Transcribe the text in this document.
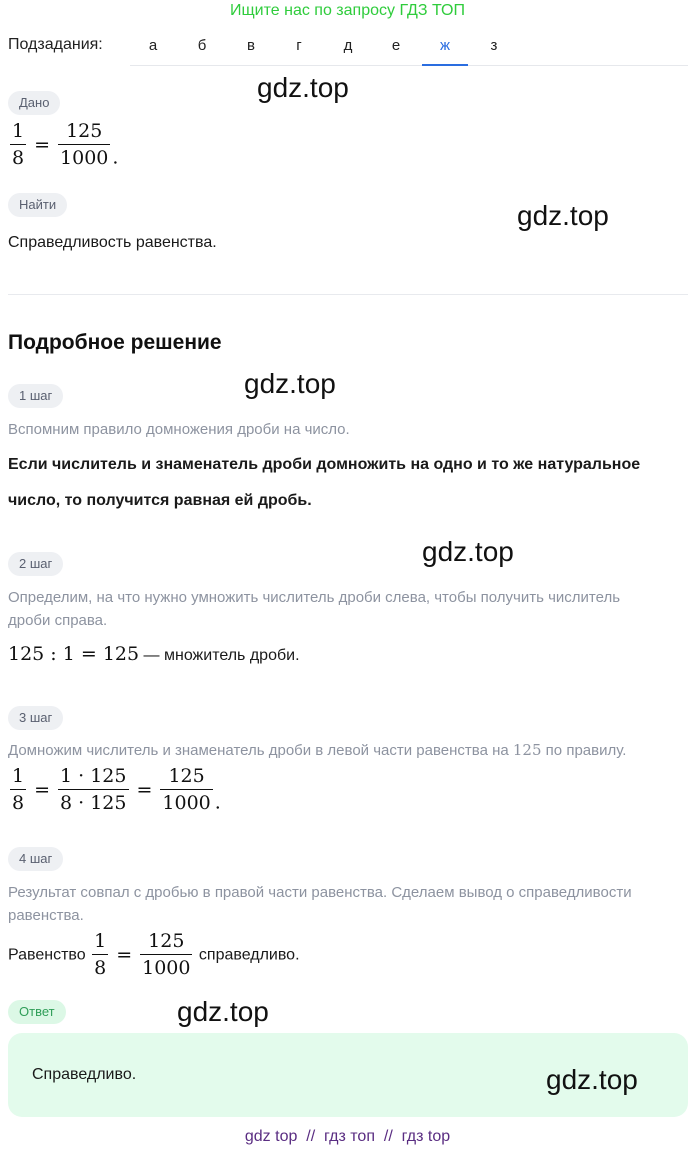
Ищите нас по запросу ГДЗ ТОП
Подзадания:	а	б	в	г	д	е	ж	з
Дано
$\frac{1}{8} = \frac{125}{1000}$ .
Найти
Справедливость равенства.
Подробное решение
1 шаг
Вспомним правило домножения дроби на число.
Если числитель и знаменатель дроби домножить на одно и то же натуральное
число, то получится равная ей дробь.
2 шаг
Определим, на что нужно умножить числитель дроби слева, чтобы получить числитель
дроби справа.
125 : 1 = 125 — множитель дроби.
3 шаг
Домножим числитель и знаменатель дроби в левой части равенства на 125 по правилу.
$\frac{1}{8} = \frac{1 \cdot 125}{8 \cdot 125} = \frac{125}{1000}$ .
4 шаг
Результат совпал с дробью в правой части равенства. Сделаем вывод о справедливости
равенства.
Равенство $\frac{1}{8} = \frac{125}{1000}$ справедливо.
Ответ
Справедливо.
gdz.top
gdz.top
gdz.top
gdz.top
gdz.top
gdz.top
gdz top  //  гдз топ  //  гдз top
